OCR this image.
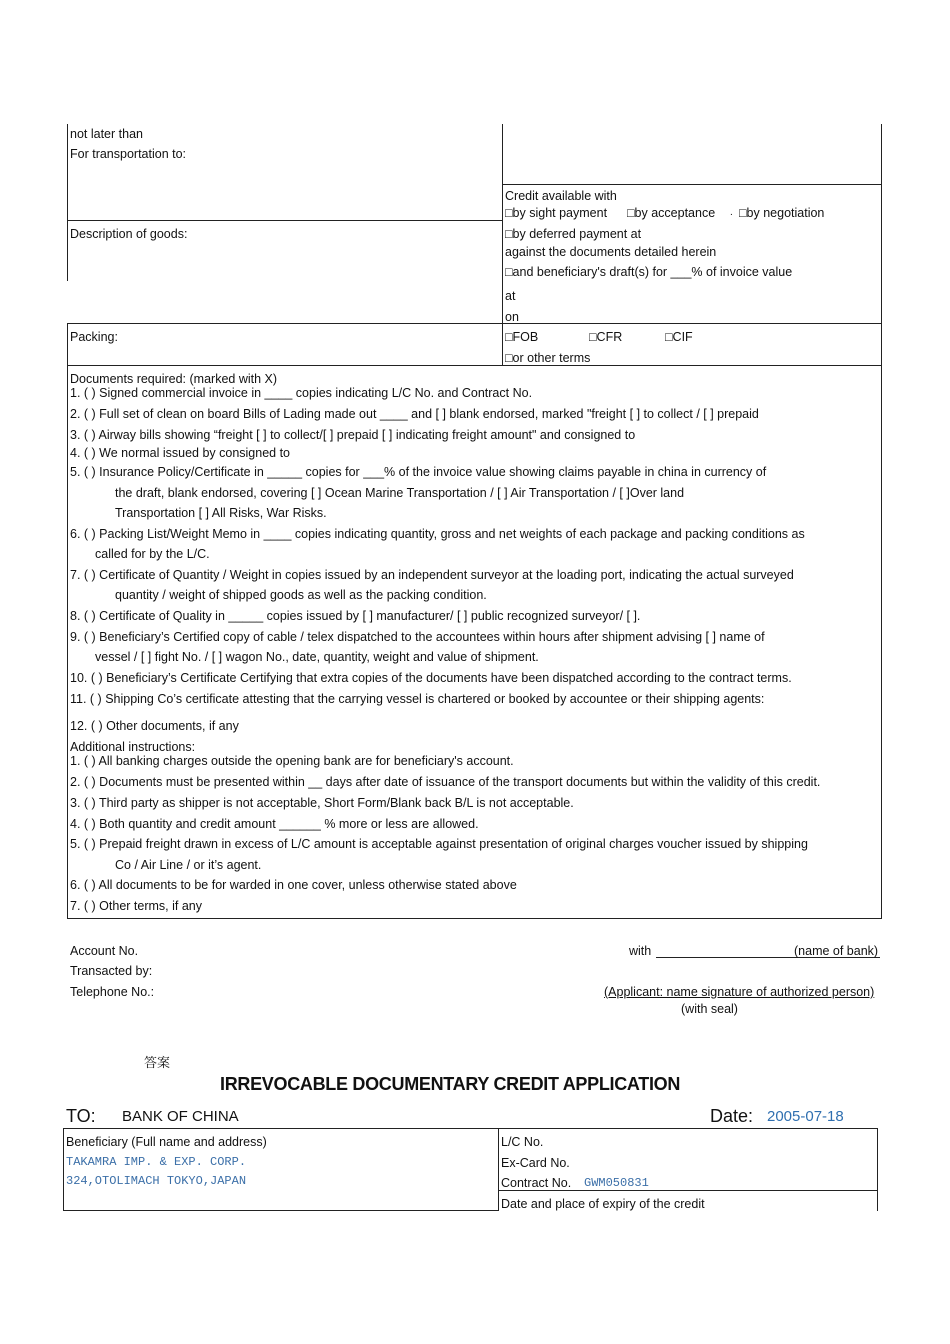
not later than
For transportation to:
Credit available with
□by sight payment □by acceptance . □by negotiation
Description of goods:	□by deferred payment at
against the documents detailed herein
□and beneficiary's draft(s) for ___% of invoice value
at
on
Packing:	□FOB	□CFR	□CIF
□or other terms
Documents required: (marked with X)
1. ( ) Signed commercial invoice in ____ copies indicating L/C No. and Contract No.
2. ( ) Full set of clean on board Bills of Lading made out ____ and [ ] blank endorsed, marked "freight [ ] to collect / [ ] prepaid
3. ( ) Airway bills showing “freight [ ] to collect/[ ] prepaid [ ] indicating freight amount" and consigned to
4. ( ) We normal issued by consigned to
5. ( ) Insurance Policy/Certificate in _____ copies for ___% of the invoice value showing claims payable in china in currency of
the draft, blank endorsed, covering [ ] Ocean Marine Transportation / [ ] Air Transportation / [ ]Over land
Transportation [ ] All Risks, War Risks.
6. ( ) Packing List/Weight Memo in ____ copies indicating quantity, gross and net weights of each package and packing conditions as
called for by the L/C.
7. ( ) Certificate of Quantity / Weight in copies issued by an independent surveyor at the loading port, indicating the actual surveyed
quantity / weight of shipped goods as well as the packing condition.
8. ( ) Certificate of Quality in _____ copies issued by [ ] manufacturer/ [ ] public recognized surveyor/ [ ].
9. ( ) Beneficiary’s Certified copy of cable / telex dispatched to the accountees within hours after shipment advising [ ] name of
vessel / [ ] fight No. / [ ] wagon No., date, quantity, weight and value of shipment.
10. ( ) Beneficiary’s Certificate Certifying that extra copies of the documents have been dispatched according to the contract terms.
11. ( ) Shipping Co’s certificate attesting that the carrying vessel is chartered or booked by accountee or their shipping agents:
12. ( ) Other documents, if any
Additional instructions:
1. ( ) All banking charges outside the opening bank are for beneficiary's account.
2. ( ) Documents must be presented within __ days after date of issuance of the transport documents but within the validity of this credit.
3. ( ) Third party as shipper is not acceptable, Short Form/Blank back B/L is not acceptable.
4. ( ) Both quantity and credit amount ______ % more or less are allowed.
5. ( ) Prepaid freight drawn in excess of L/C amount is acceptable against presentation of original charges voucher issued by shipping
Co / Air Line / or it’s agent.
6. ( ) All documents to be for warded in one cover, unless otherwise stated above
7. ( ) Other terms, if any
Account No.
Transacted by:
Telephone No.:
with	(name of bank)
(Applicant: name signature of authorized person)
(with seal)
答案
IRREVOCABLE DOCUMENTARY CREDIT APPLICATION
TO: BANK OF CHINA	Date: 2005-07-18
Beneficiary (Full name and address)
TAKAMRA IMP. & EXP. CORP.
324,OTOLIMACH TOKYO,JAPAN
L/C No.
Ex-Card No.
Contract No. GWM050831
Date and place of expiry of the credit
